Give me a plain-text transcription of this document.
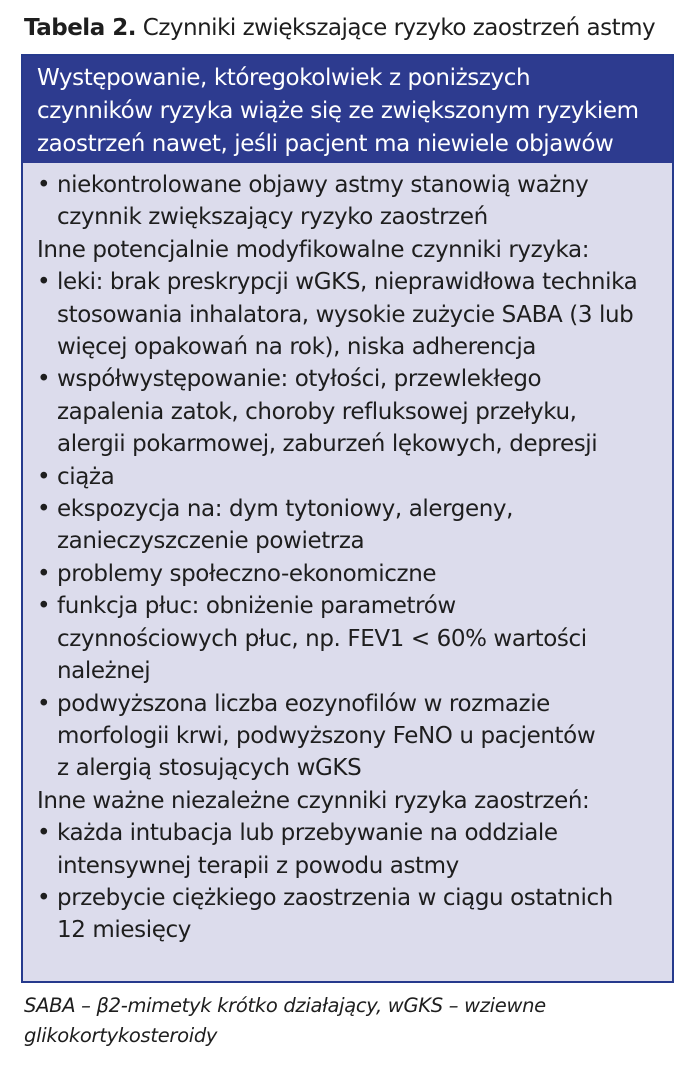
Tabela 2. Czynniki zwiększające ryzyko zaostrzeń astmy
Występowanie, któregokolwiek z poniższych
czynników ryzyka wiąże się ze zwiększonym ryzykiem
zaostrzeń nawet, jeśli pacjent ma niewiele objawów
• niekontrolowane objawy astmy stanowią ważny
czynnik zwiększający ryzyko zaostrzeń
Inne potencjalnie modyfikowalne czynniki ryzyka:
• leki: brak preskrypcji wGKS, nieprawidłowa technika
stosowania inhalatora, wysokie zużycie SABA (3 lub
więcej opakowań na rok), niska adherencja
• współwystępowanie: otyłości, przewlekłego
zapalenia zatok, choroby refluksowej przełyku,
alergii pokarmowej, zaburzeń lękowych, depresji
• ciąża
• ekspozycja na: dym tytoniowy, alergeny,
zanieczyszczenie powietrza
• problemy społeczno-ekonomiczne
• funkcja płuc: obniżenie parametrów
czynnościowych płuc, np. FEV1 < 60% wartości
należnej
• podwyższona liczba eozynofilów w rozmazie
morfologii krwi, podwyższony FeNO u pacjentów
z alergią stosujących wGKS
Inne ważne niezależne czynniki ryzyka zaostrzeń:
• każda intubacja lub przebywanie na oddziale
intensywnej terapii z powodu astmy
• przebycie ciężkiego zaostrzenia w ciągu ostatnich
12 miesięcy
SABA – β2-mimetyk krótko działający, wGKS – wziewne
glikokortykosteroidy
